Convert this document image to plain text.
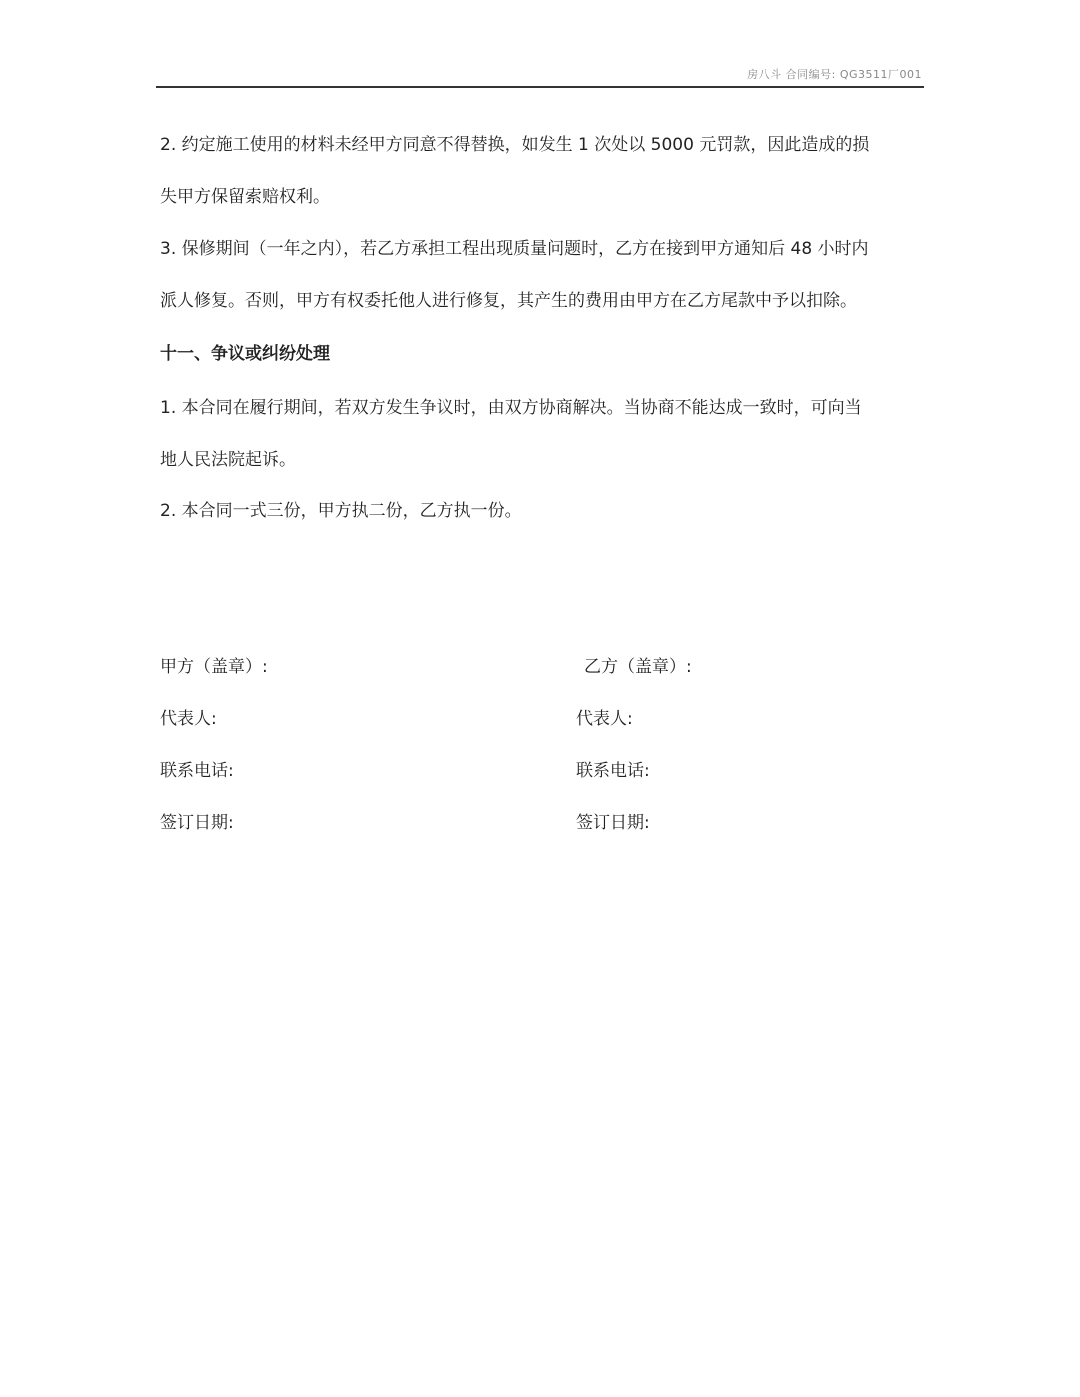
房八斗 合同编号: QG3511厂001
2. 约定施工使用的材料未经甲方同意不得替换，如发生 1 次处以 5000 元罚款，因此造成的损
失甲方保留索赔权利。
3. 保修期间（一年之内），若乙方承担工程出现质量问题时，乙方在接到甲方通知后 48 小时内
派人修复。否则，甲方有权委托他人进行修复，其产生的费用由甲方在乙方尾款中予以扣除。
十一、争议或纠纷处理
1. 本合同在履行期间，若双方发生争议时，由双方协商解决。当协商不能达成一致时，可向当
地人民法院起诉。
2. 本合同一式三份，甲方执二份，乙方执一份。
甲方（盖章）:	乙方（盖章）:
代表人:	代表人:
联系电话:	联系电话:
签订日期:	签订日期:
